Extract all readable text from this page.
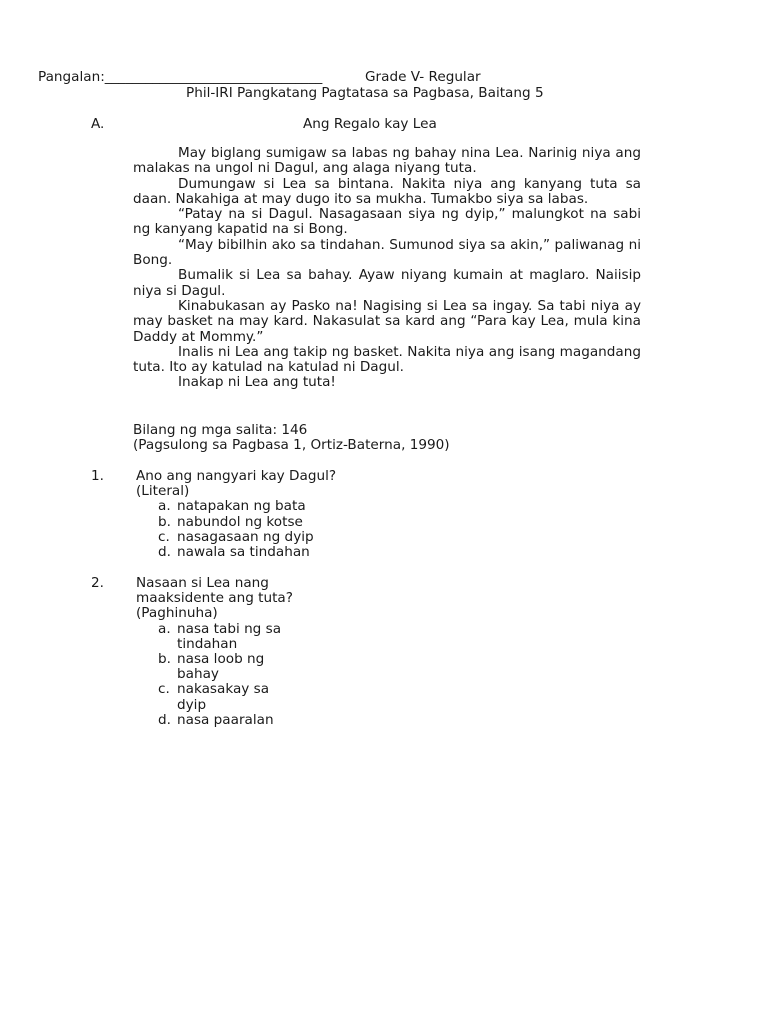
Pangalan:________________________________	Grade V- Regular
Phil-IRI Pangkatang Pagtatasa sa Pagbasa, Baitang 5
A.	Ang Regalo kay Lea

May biglang sumigaw sa labas ng bahay nina Lea. Narinig niya ang malakas na ungol ni Dagul, ang alaga niyang tuta.

Dumungaw si Lea sa bintana. Nakita niya ang kanyang tuta sa daan. Nakahiga at may dugo ito sa mukha. Tumakbo siya sa labas.

“Patay na si Dagul. Nasagasaan siya ng dyip,” malungkot na sabi ng kanyang kapatid na si Bong.

“May bibilhin ako sa tindahan. Sumunod siya sa akin,” paliwanag ni Bong.

Bumalik si Lea sa bahay. Ayaw niyang kumain at maglaro. Naiisip niya si Dagul.

Kinabukasan ay Pasko na! Nagising si Lea sa ingay. Sa tabi niya ay may basket na may kard. Nakasulat sa kard ang “Para kay Lea, mula kina Daddy at Mommy.”

Inalis ni Lea ang takip ng basket. Nakita niya ang isang magandang tuta. Ito ay katulad na katulad ni Dagul.

Inakap ni Lea ang tuta!

Bilang ng mga salita: 146
(Pagsulong sa Pagbasa 1, Ortiz-Baterna, 1990)
1. Ano ang nangyari kay Dagul?
(Literal)
a. natapakan ng bata
b. nabundol ng kotse
c. nasagasaan ng dyip
d. nawala sa tindahan
2. Nasaan si Lea nang
maaksidente ang tuta?
(Paghinuha)
a. nasa tabi ng sa tindahan
b. nasa loob ng bahay
c. nakasakay sa dyip
d. nasa paaralan
